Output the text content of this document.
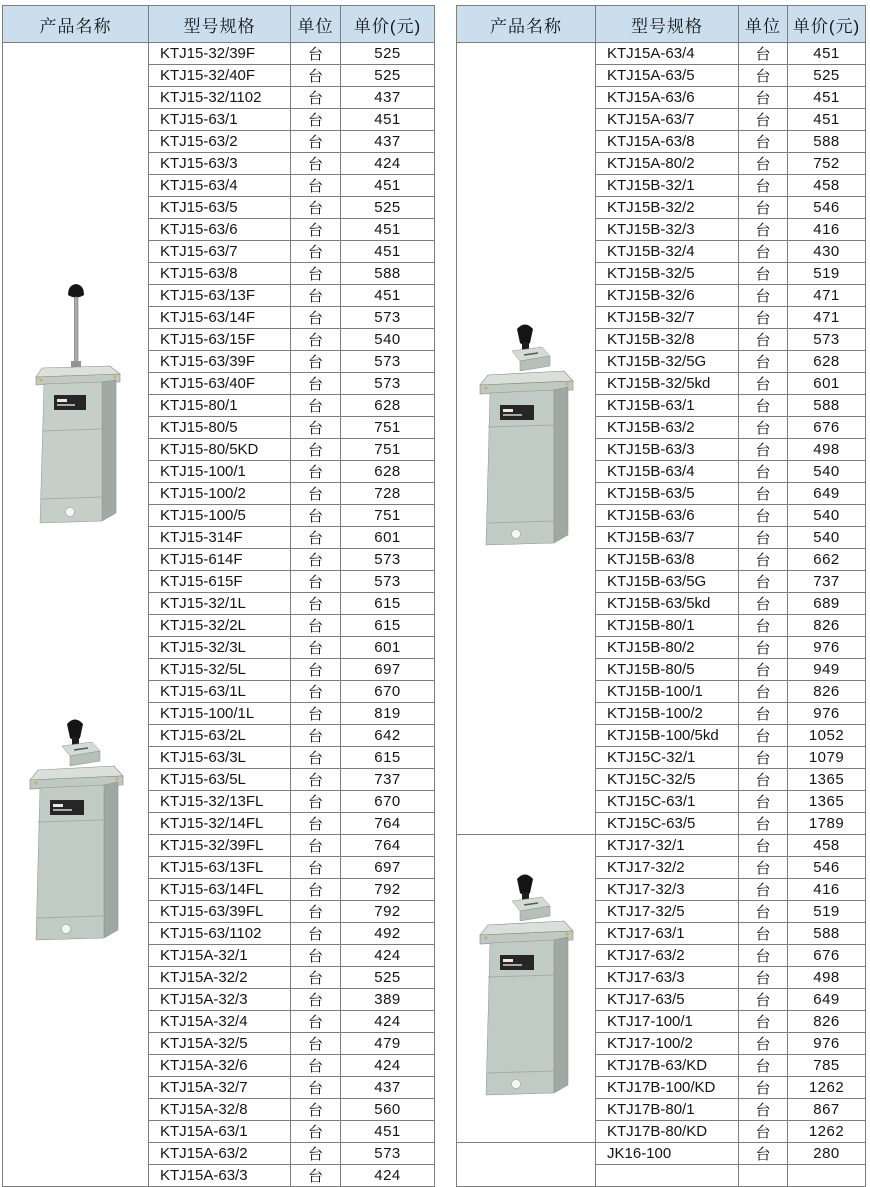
产品名称	型号规格	单位	单价(元)

	KTJ15-32/39F	台	525
	KTJ15-32/40F	台	525
	KTJ15-32/1102	台	437
	KTJ15-63/1	台	451
	KTJ15-63/2	台	437
	KTJ15-63/3	台	424
	KTJ15-63/4	台	451
	KTJ15-63/5	台	525
	KTJ15-63/6	台	451
	KTJ15-63/7	台	451
	KTJ15-63/8	台	588
	KTJ15-63/13F	台	451
	KTJ15-63/14F	台	573
	KTJ15-63/15F	台	540
	KTJ15-63/39F	台	573
	KTJ15-63/40F	台	573
	KTJ15-80/1	台	628
	KTJ15-80/5	台	751
	KTJ15-80/5KD	台	751
	KTJ15-100/1	台	628
	KTJ15-100/2	台	728
	KTJ15-100/5	台	751
	KTJ15-314F	台	601
	KTJ15-614F	台	573
	KTJ15-615F	台	573
	KTJ15-32/1L	台	615
	KTJ15-32/2L	台	615
	KTJ15-32/3L	台	601
	KTJ15-32/5L	台	697
	KTJ15-63/1L	台	670
	KTJ15-100/1L	台	819
	KTJ15-63/2L	台	642
	KTJ15-63/3L	台	615
	KTJ15-63/5L	台	737
	KTJ15-32/13FL	台	670
	KTJ15-32/14FL	台	764
	KTJ15-32/39FL	台	764
	KTJ15-63/13FL	台	697
	KTJ15-63/14FL	台	792
	KTJ15-63/39FL	台	792
	KTJ15-63/1102	台	492
	KTJ15A-32/1	台	424
	KTJ15A-32/2	台	525
	KTJ15A-32/3	台	389
	KTJ15A-32/4	台	424
	KTJ15A-32/5	台	479
	KTJ15A-32/6	台	424
	KTJ15A-32/7	台	437
	KTJ15A-32/8	台	560
	KTJ15A-63/1	台	451
	KTJ15A-63/2	台	573
	KTJ15A-63/3	台	424
产品名称	型号规格	单位	单价(元)

	KTJ15A-63/4	台	451
	KTJ15A-63/5	台	525
	KTJ15A-63/6	台	451
	KTJ15A-63/7	台	451
	KTJ15A-63/8	台	588
	KTJ15A-80/2	台	752
	KTJ15B-32/1	台	458
	KTJ15B-32/2	台	546
	KTJ15B-32/3	台	416
	KTJ15B-32/4	台	430
	KTJ15B-32/5	台	519
	KTJ15B-32/6	台	471
	KTJ15B-32/7	台	471
	KTJ15B-32/8	台	573
	KTJ15B-32/5G	台	628
	KTJ15B-32/5kd	台	601
	KTJ15B-63/1	台	588
	KTJ15B-63/2	台	676
	KTJ15B-63/3	台	498
	KTJ15B-63/4	台	540
	KTJ15B-63/5	台	649
	KTJ15B-63/6	台	540
	KTJ15B-63/7	台	540
	KTJ15B-63/8	台	662
	KTJ15B-63/5G	台	737
	KTJ15B-63/5kd	台	689
	KTJ15B-80/1	台	826
	KTJ15B-80/2	台	976
	KTJ15B-80/5	台	949
	KTJ15B-100/1	台	826
	KTJ15B-100/2	台	976
	KTJ15B-100/5kd	台	1052
	KTJ15C-32/1	台	1079
	KTJ15C-32/5	台	1365
	KTJ15C-63/1	台	1365
	KTJ15C-63/5	台	1789

	KTJ17-32/1	台	458
	KTJ17-32/2	台	546
	KTJ17-32/3	台	416
	KTJ17-32/5	台	519
	KTJ17-63/1	台	588
	KTJ17-63/2	台	676
	KTJ17-63/3	台	498
	KTJ17-63/5	台	649
	KTJ17-100/1	台	826
	KTJ17-100/2	台	976
	KTJ17B-63/KD	台	785
	KTJ17B-100/KD	台	1262
	KTJ17B-80/1	台	867
	KTJ17B-80/KD	台	1262
	JK16-100	台	280
